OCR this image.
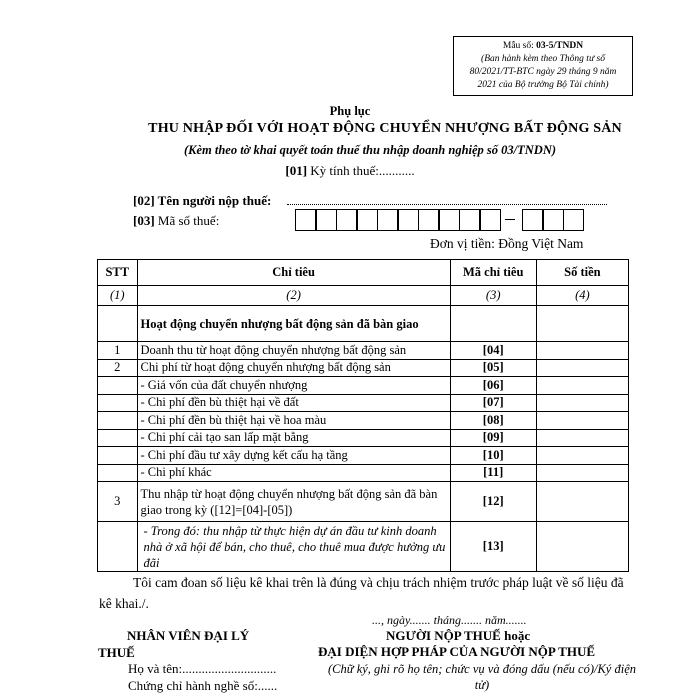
Mẫu số: 03-5/TNDN
(Ban hành kèm theo Thông tư số
80/2021/TT-BTC ngày 29 tháng 9 năm
2021 của Bộ trưởng Bộ Tài chính)
Phụ lục
THU NHẬP ĐỐI VỚI HOẠT ĐỘNG CHUYỂN NHƯỢNG BẤT ĐỘNG SẢN
(Kèm theo tờ khai quyết toán thuế thu nhập doanh nghiệp số 03/TNDN)
[01] Kỳ tính thuế:...........
[02] Tên người nộp thuế:
[03] Mã số thuế:
Đơn vị tiền: Đồng Việt Nam
STT	Chỉ tiêu	Mã chỉ tiêu	Số tiền
(1)	(2)	(3)	(4)
	Hoạt động chuyển nhượng bất động sản đã bàn giao		
1	Doanh thu từ hoạt động chuyển nhượng bất động sản	[04]	
2	Chi phí từ hoạt động chuyển nhượng bất động sản	[05]	
	- Giá vốn của đất chuyển nhượng	[06]	
	- Chi phí đền bù thiệt hại về đất	[07]	
	- Chi phí đền bù thiệt hại về hoa màu	[08]	
	- Chi phí cải tạo san lấp mặt bằng	[09]	
	- Chi phí đầu tư xây dựng kết cấu hạ tầng	[10]	
	- Chi phí khác	[11]	
3	Thu nhập từ hoạt động chuyển nhượng bất động sản đã bàn giao trong kỳ ([12]=[04]-[05])	[12]	
	- Trong đó: thu nhập từ thực hiện dự án đầu tư kinh doanh nhà ở xã hội để bán, cho thuê, cho thuê mua được hưởng ưu đãi	[13]	
Tôi cam đoan số liệu kê khai trên là đúng và chịu trách nhiệm trước pháp luật về số liệu đã kê khai./.
..., ngày....... tháng....... năm.......
NHÂN VIÊN ĐẠI LÝ
THUẾ
Họ và tên:.............................
Chứng chỉ hành nghề số:......
NGƯỜI NỘP THUẾ hoặc
ĐẠI DIỆN HỢP PHÁP CỦA NGƯỜI NỘP THUẾ
(Chữ ký, ghi rõ họ tên; chức vụ và đóng dấu (nếu có)/Ký điện tử)
